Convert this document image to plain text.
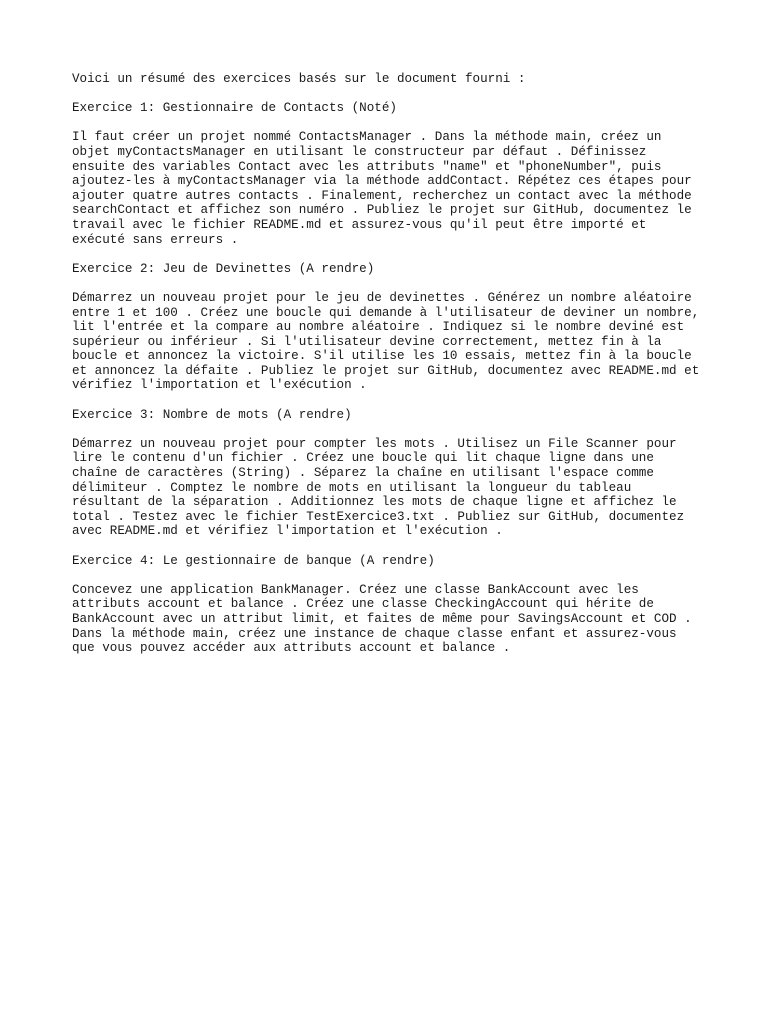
Voici un résumé des exercices basés sur le document fourni :

Exercice 1: Gestionnaire de Contacts (Noté)

Il faut créer un projet nommé ContactsManager . Dans la méthode main, créez un
objet myContactsManager en utilisant le constructeur par défaut . Définissez
ensuite des variables Contact avec les attributs "name" et "phoneNumber", puis
ajoutez-les à myContactsManager via la méthode addContact. Répétez ces étapes pour
ajouter quatre autres contacts . Finalement, recherchez un contact avec la méthode
searchContact et affichez son numéro . Publiez le projet sur GitHub, documentez le
travail avec le fichier README.md et assurez-vous qu'il peut être importé et
exécuté sans erreurs .

Exercice 2: Jeu de Devinettes (A rendre)

Démarrez un nouveau projet pour le jeu de devinettes . Générez un nombre aléatoire
entre 1 et 100 . Créez une boucle qui demande à l'utilisateur de deviner un nombre,
lit l'entrée et la compare au nombre aléatoire . Indiquez si le nombre deviné est
supérieur ou inférieur . Si l'utilisateur devine correctement, mettez fin à la
boucle et annoncez la victoire. S'il utilise les 10 essais, mettez fin à la boucle
et annoncez la défaite . Publiez le projet sur GitHub, documentez avec README.md et
vérifiez l'importation et l'exécution .

Exercice 3: Nombre de mots (A rendre)

Démarrez un nouveau projet pour compter les mots . Utilisez un File Scanner pour
lire le contenu d'un fichier . Créez une boucle qui lit chaque ligne dans une
chaîne de caractères (String) . Séparez la chaîne en utilisant l'espace comme
délimiteur . Comptez le nombre de mots en utilisant la longueur du tableau
résultant de la séparation . Additionnez les mots de chaque ligne et affichez le
total . Testez avec le fichier TestExercice3.txt . Publiez sur GitHub, documentez
avec README.md et vérifiez l'importation et l'exécution .

Exercice 4: Le gestionnaire de banque (A rendre)

Concevez une application BankManager. Créez une classe BankAccount avec les
attributs account et balance . Créez une classe CheckingAccount qui hérite de
BankAccount avec un attribut limit, et faites de même pour SavingsAccount et COD .
Dans la méthode main, créez une instance de chaque classe enfant et assurez-vous
que vous pouvez accéder aux attributs account et balance .
